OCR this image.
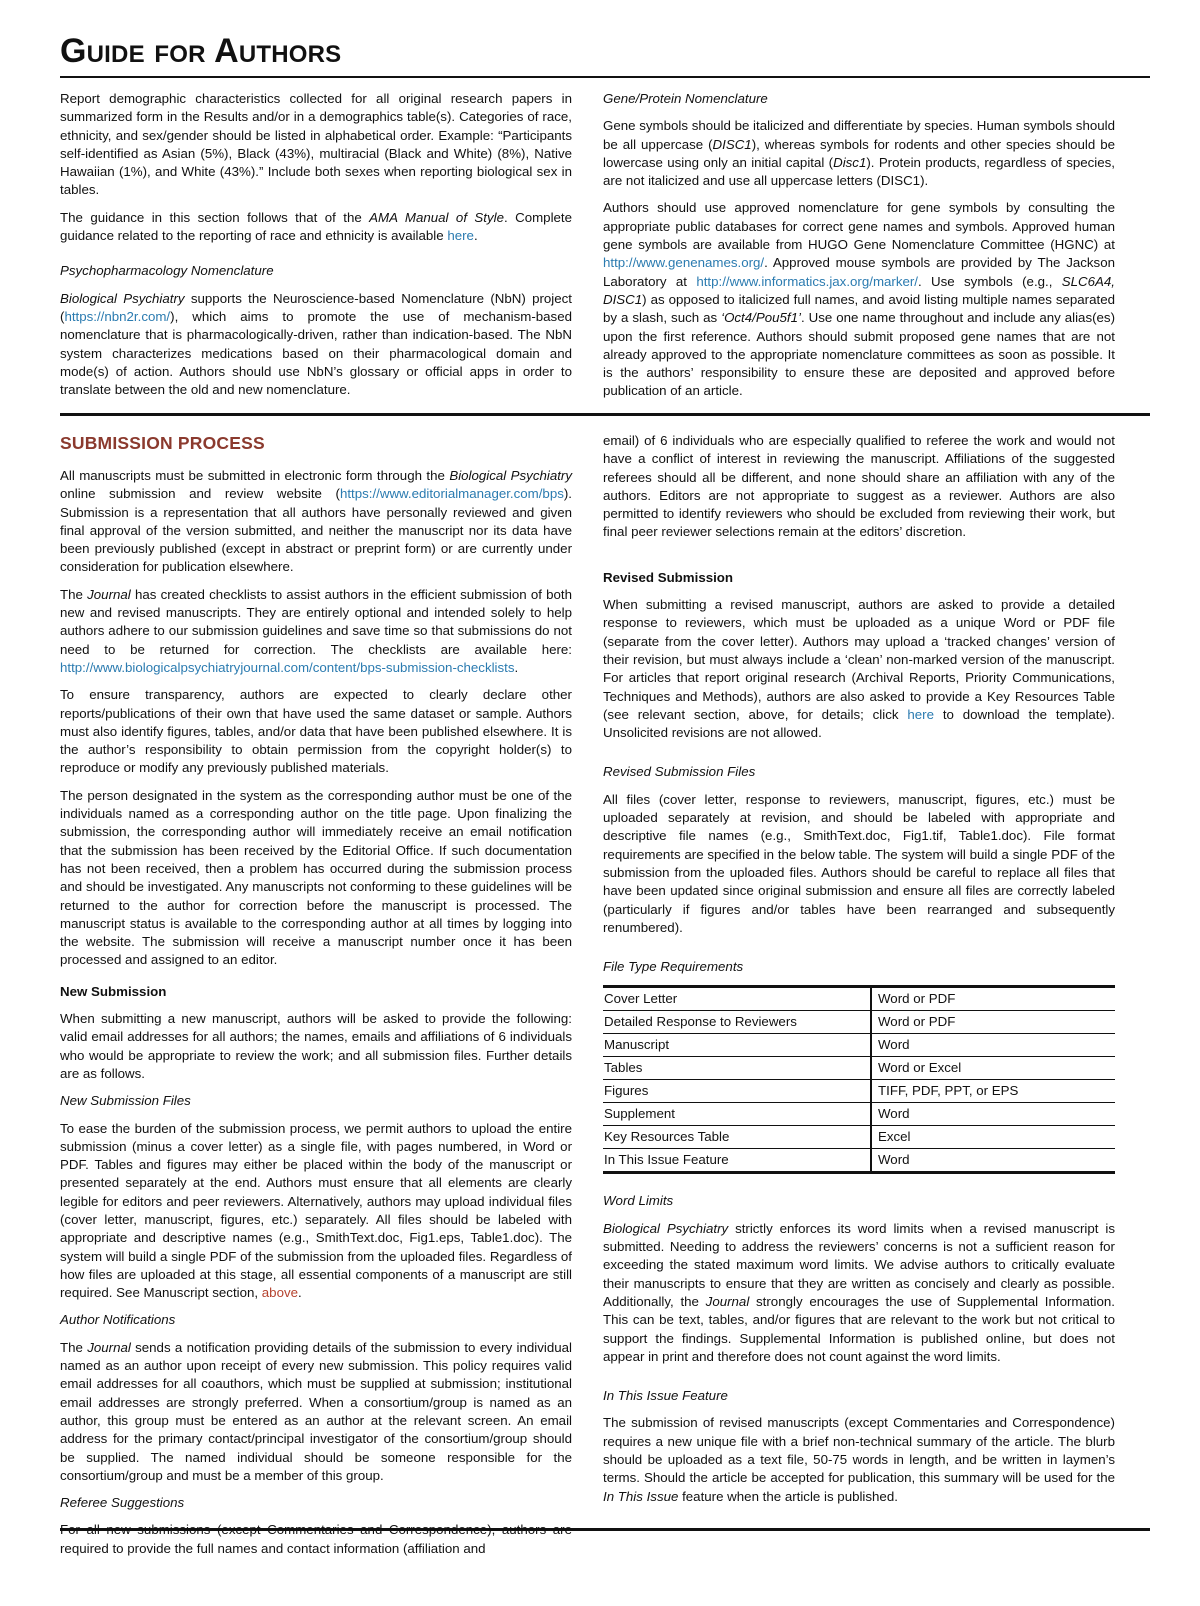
Guide for Authors

Report demographic characteristics collected for all original research papers in summarized form in the Results and/or in a demographics table(s). Categories of race, ethnicity, and sex/gender should be listed in alphabetical order. Example: “Participants self-identified as Asian (5%), Black (43%), multiracial (Black and White) (8%), Native Hawaiian (1%), and White (43%).” Include both sexes when reporting biological sex in tables.

The guidance in this section follows that of the AMA Manual of Style. Complete guidance related to the reporting of race and ethnicity is available here.

Psychopharmacology Nomenclature

Biological Psychiatry supports the Neuroscience-based Nomenclature (NbN) project (https://nbn2r.com/), which aims to promote the use of mechanism-based nomenclature that is pharmacologically-driven, rather than indication-based. The NbN system characterizes medications based on their pharmacological domain and mode(s) of action. Authors should use NbN’s glossary or official apps in order to translate between the old and new nomenclature.

Gene/Protein Nomenclature

Gene symbols should be italicized and differentiate by species. Human symbols should be all uppercase (DISC1), whereas symbols for rodents and other species should be lowercase using only an initial capital (Disc1). Protein products, regardless of species, are not italicized and use all uppercase letters (DISC1).

Authors should use approved nomenclature for gene symbols by consulting the appropriate public databases for correct gene names and symbols. Approved human gene symbols are available from HUGO Gene Nomenclature Committee (HGNC) at http://www.genenames.org/. Approved mouse symbols are provided by The Jackson Laboratory at http://www.informatics.jax.org/marker/. Use symbols (e.g., SLC6A4, DISC1) as opposed to italicized full names, and avoid listing multiple names separated by a slash, such as ‘Oct4/Pou5f1’. Use one name throughout and include any alias(es) upon the first reference. Authors should submit proposed gene names that are not already approved to the appropriate nomenclature committees as soon as possible. It is the authors’ responsibility to ensure these are deposited and approved before publication of an article.

SUBMISSION PROCESS

All manuscripts must be submitted in electronic form through the Biological Psychiatry online submission and review website (https://www.editorialmanager.com/bps). Submission is a representation that all authors have personally reviewed and given final approval of the version submitted, and neither the manuscript nor its data have been previously published (except in abstract or preprint form) or are currently under consideration for publication elsewhere.

The Journal has created checklists to assist authors in the efficient submission of both new and revised manuscripts. They are entirely optional and intended solely to help authors adhere to our submission guidelines and save time so that submissions do not need to be returned for correction. The checklists are available here: http://www.biologicalpsychiatryjournal.com/content/bps-submission-checklists.

To ensure transparency, authors are expected to clearly declare other reports/publications of their own that have used the same dataset or sample. Authors must also identify figures, tables, and/or data that have been published elsewhere. It is the author’s responsibility to obtain permission from the copyright holder(s) to reproduce or modify any previously published materials.

The person designated in the system as the corresponding author must be one of the individuals named as a corresponding author on the title page. Upon finalizing the submission, the corresponding author will immediately receive an email notification that the submission has been received by the Editorial Office. If such documentation has not been received, then a problem has occurred during the submission process and should be investigated. Any manuscripts not conforming to these guidelines will be returned to the author for correction before the manuscript is processed. The manuscript status is available to the corresponding author at all times by logging into the website. The submission will receive a manuscript number once it has been processed and assigned to an editor.

New Submission

When submitting a new manuscript, authors will be asked to provide the following: valid email addresses for all authors; the names, emails and affiliations of 6 individuals who would be appropriate to review the work; and all submission files. Further details are as follows.

New Submission Files

To ease the burden of the submission process, we permit authors to upload the entire submission (minus a cover letter) as a single file, with pages numbered, in Word or PDF. Tables and figures may either be placed within the body of the manuscript or presented separately at the end. Authors must ensure that all elements are clearly legible for editors and peer reviewers. Alternatively, authors may upload individual files (cover letter, manuscript, figures, etc.) separately. All files should be labeled with appropriate and descriptive names (e.g., SmithText.doc, Fig1.eps, Table1.doc). The system will build a single PDF of the submission from the uploaded files. Regardless of how files are uploaded at this stage, all essential components of a manuscript are still required. See Manuscript section, above.

Author Notifications

The Journal sends a notification providing details of the submission to every individual named as an author upon receipt of every new submission. This policy requires valid email addresses for all coauthors, which must be supplied at submission; institutional email addresses are strongly preferred. When a consortium/group is named as an author, this group must be entered as an author at the relevant screen. An email address for the primary contact/principal investigator of the consortium/group should be supplied. The named individual should be someone responsible for the consortium/group and must be a member of this group.

Referee Suggestions

required to provide the full names and contact information (affiliation and

email) of 6 individuals who are especially qualified to referee the work and would not have a conflict of interest in reviewing the manuscript. Affiliations of the suggested referees should all be different, and none should share an affiliation with any of the authors. Editors are not appropriate to suggest as a reviewer. Authors are also permitted to identify reviewers who should be excluded from reviewing their work, but final peer reviewer selections remain at the editors’ discretion.

Revised Submission

When submitting a revised manuscript, authors are asked to provide a detailed response to reviewers, which must be uploaded as a unique Word or PDF file (separate from the cover letter). Authors may upload a ‘tracked changes’ version of their revision, but must always include a ‘clean’ non-marked version of the manuscript. For articles that report original research (Archival Reports, Priority Communications, Techniques and Methods), authors are also asked to provide a Key Resources Table (see relevant section, above, for details; click here to download the template). Unsolicited revisions are not allowed.

Revised Submission Files

All files (cover letter, response to reviewers, manuscript, figures, etc.) must be uploaded separately at revision, and should be labeled with appropriate and descriptive file names (e.g., SmithText.doc, Fig1.tif, Table1.doc). File format requirements are specified in the below table. The system will build a single PDF of the submission from the uploaded files. Authors should be careful to replace all files that have been updated since original submission and ensure all files are correctly labeled (particularly if figures and/or tables have been rearranged and subsequently renumbered).

File Type Requirements

Cover Letter	Word or PDF
Detailed Response to Reviewers	Word or PDF
Manuscript	Word
Tables	Word or Excel
Figures	TIFF, PDF, PPT, or EPS
Supplement	Word
Key Resources Table	Excel
In This Issue Feature	Word

Word Limits

Biological Psychiatry strictly enforces its word limits when a revised manuscript is submitted. Needing to address the reviewers’ concerns is not a sufficient reason for exceeding the stated maximum word limits. We advise authors to critically evaluate their manuscripts to ensure that they are written as concisely and clearly as possible. Additionally, the Journal strongly encourages the use of Supplemental Information. This can be text, tables, and/or figures that are relevant to the work but not critical to support the findings. Supplemental Information is published online, but does not appear in print and therefore does not count against the word limits.

In This Issue Feature

The submission of revised manuscripts (except Commentaries and Correspondence) requires a new unique file with a brief non-technical summary of the article. The blurb should be uploaded as a text file, 50-75 words in length, and be written in laymen’s terms. Should the article be accepted for publication, this summary will be used for the In This Issue feature when the article is published.
